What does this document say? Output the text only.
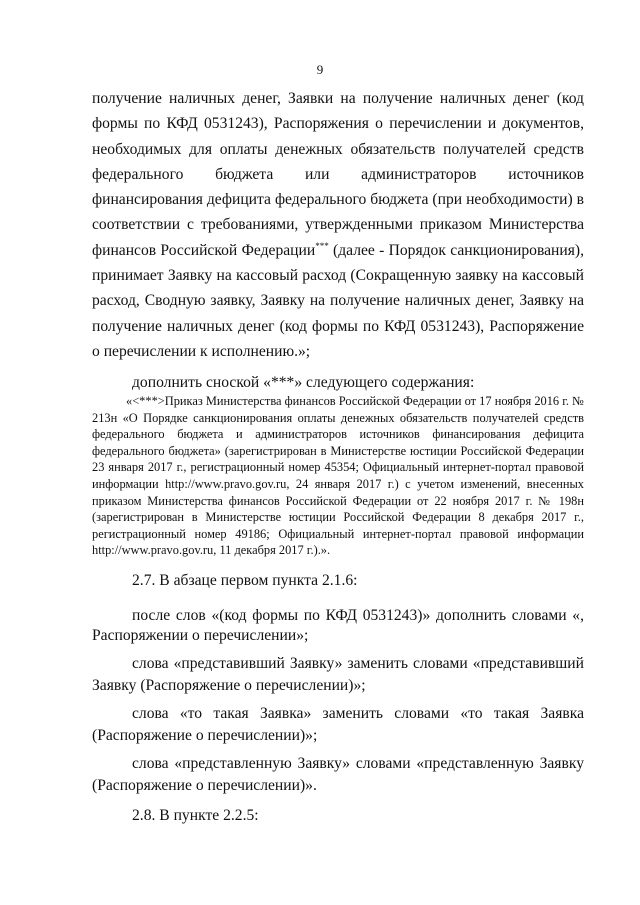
9

получение наличных денег, Заявки на получение наличных денег (код формы по КФД 0531243), Распоряжения о перечислении и документов, необходимых для оплаты денежных обязательств получателей средств федерального бюджета или администраторов источников финансирования дефицита федерального бюджета (при необходимости) в соответствии с требованиями, утвержденными приказом Министерства финансов Российской Федерации*** (далее - Порядок санкционирования), принимает Заявку на кассовый расход (Сокращенную заявку на кассовый расход, Сводную заявку, Заявку на получение наличных денег, Заявку на получение наличных денег (код формы по КФД 0531243), Распоряжение о перечислении к исполнению.»;

дополнить сноской «***» следующего содержания:

«<***>Приказ Министерства финансов Российской Федерации от 17 ноября 2016 г. № 213н «О Порядке санкционирования оплаты денежных обязательств получателей средств федерального бюджета и администраторов источников финансирования дефицита федерального бюджета» (зарегистрирован в Министерстве юстиции Российской Федерации 23 января 2017 г., регистрационный номер 45354; Официальный интернет-портал правовой информации http://www.pravo.gov.ru, 24 января 2017 г.) с учетом изменений, внесенных приказом Министерства финансов Российской Федерации от 22 ноября 2017 г. № 198н (зарегистрирован в Министерстве юстиции Российской Федерации 8 декабря 2017 г., регистрационный номер 49186; Официальный интернет-портал правовой информации http://www.pravo.gov.ru, 11 декабря 2017 г.).».

2.7. В абзаце первом пункта 2.1.6:

после слов «(код формы по КФД 0531243)» дополнить словами «,

Распоряжении о перечислении»;

слова «представивший Заявку» заменить словами «представивший

Заявку (Распоряжение о перечислении)»;

слова «то такая Заявка» заменить словами «то такая Заявка

(Распоряжение о перечислении)»;

слова «представленную Заявку» словами «представленную Заявку

(Распоряжение о перечислении)».

2.8. В пункте 2.2.5:
